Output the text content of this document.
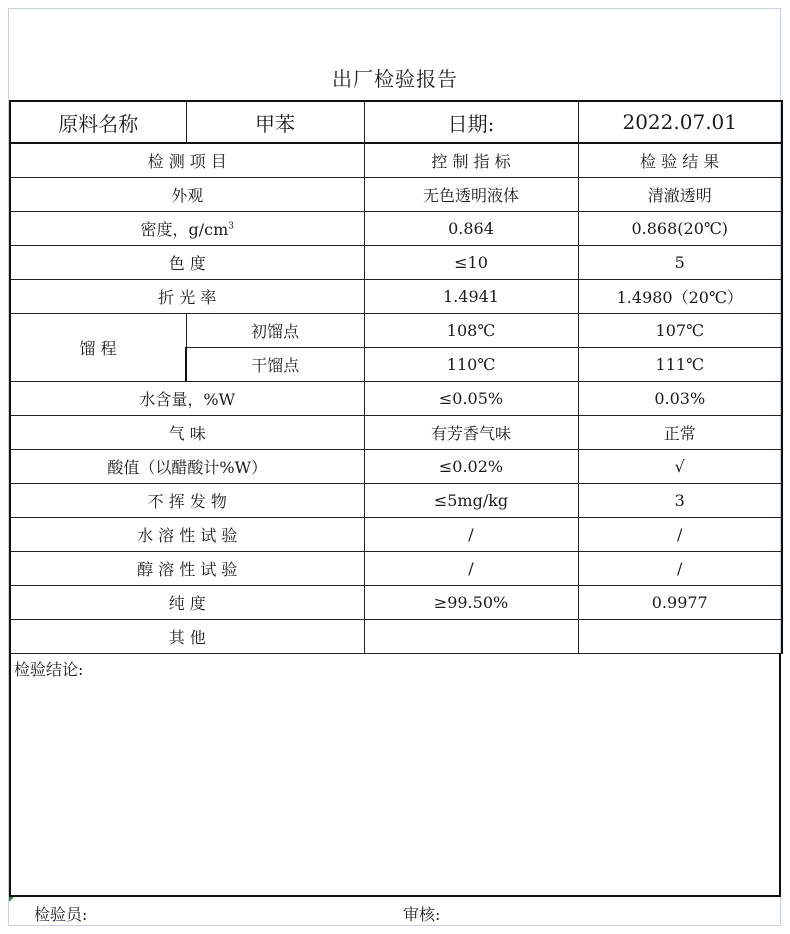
出厂检验报告
原料名称	甲苯	日期:	2022.07.01
检 测 项 目		控 制 指 标	检 验 结 果
外观		无色透明液体	清澈透明
密度，$g/cm^3$		0.864	0.868(20℃)
色 度		≤10	5
折 光 率		1.4941	1.4980（20℃）
馏 程	初馏点	108℃	107℃
	干馏点	110℃	111℃
水含量，%W		≤0.05%	0.03%
气 味		有芳香气味	正常
酸值（以醋酸计%W）		≤0.02%	√
不 挥 发 物		≤5mg/kg	3
水 溶 性 试 验		/	/
醇 溶 性 试 验		/	/
纯 度		≥99.50%	0.9977
其 他			
检验结论:
检验员:	审核:
